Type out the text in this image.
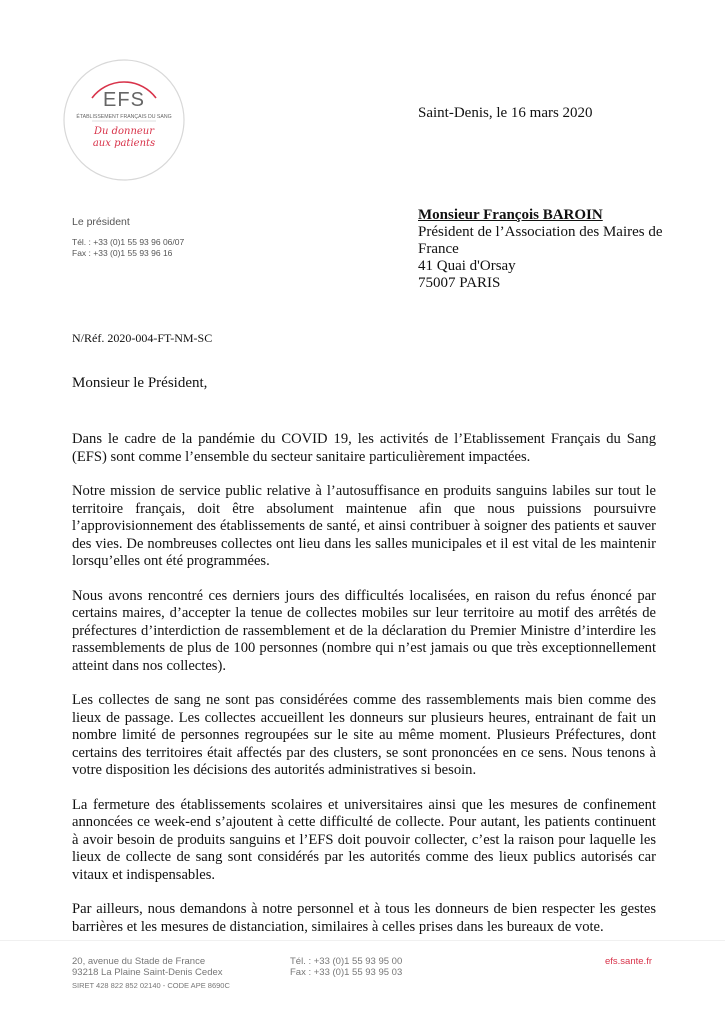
EFS
ÉTABLISSEMENT FRANÇAIS DU SANG
Du donneur
aux patients
Le président
Tél. : +33 (0)1 55 93 96 06/07
Fax : +33 (0)1 55 93 96 16
Saint-Denis, le 16 mars 2020
Monsieur François BAROIN
Président de l’Association des Maires de France
41 Quai d'Orsay
75007 PARIS
N/Réf. 2020-004-FT-NM-SC
Monsieur le Président,

Dans le cadre de la pandémie du COVID 19, les activités de l’Etablissement Français du Sang (EFS) sont comme l’ensemble du secteur sanitaire particulièrement impactées.

Notre mission de service public relative à l’autosuffisance en produits sanguins labiles sur tout le territoire français, doit être absolument maintenue afin que nous puissions poursuivre l’approvisionnement des établissements de santé, et ainsi contribuer à soigner des patients et sauver des vies. De nombreuses collectes ont lieu dans les salles municipales et il est vital de les maintenir lorsqu’elles ont été programmées.

Nous avons rencontré ces derniers jours des difficultés localisées, en raison du refus énoncé par certains maires, d’accepter la tenue de collectes mobiles sur leur territoire au motif des arrêtés de préfectures d’interdiction de rassemblement et de la déclaration du Premier Ministre d’interdire les rassemblements de plus de 100 personnes (nombre qui n’est jamais ou que très exceptionnellement atteint dans nos collectes).

Les collectes de sang ne sont pas considérées comme des rassemblements mais bien comme des lieux de passage. Les collectes accueillent les donneurs sur plusieurs heures, entrainant de fait un nombre limité de personnes regroupées sur le site au même moment. Plusieurs Préfectures, dont certains des territoires était affectés par des clusters, se sont prononcées en ce sens. Nous tenons à votre disposition les décisions des autorités administratives si besoin.

La fermeture des établissements scolaires et universitaires ainsi que les mesures de confinement annoncées ce week-end s’ajoutent à cette difficulté de collecte. Pour autant, les patients continuent à avoir besoin de produits sanguins et l’EFS doit pouvoir collecter, c’est la raison pour laquelle les lieux de collecte de sang sont considérés par les autorités comme des lieux publics autorisés car vitaux et indispensables.

Par ailleurs, nous demandons à notre personnel et à tous les donneurs de bien respecter les gestes barrières et les mesures de distanciation, similaires à celles prises dans les bureaux de vote.

20, avenue du Stade de France
93218 La Plaine Saint-Denis Cedex
SIRET 428 822 852 02140 - CODE APE 8690C
Tél. : +33 (0)1 55 93 95 00
Fax : +33 (0)1 55 93 95 03
efs.sante.fr
